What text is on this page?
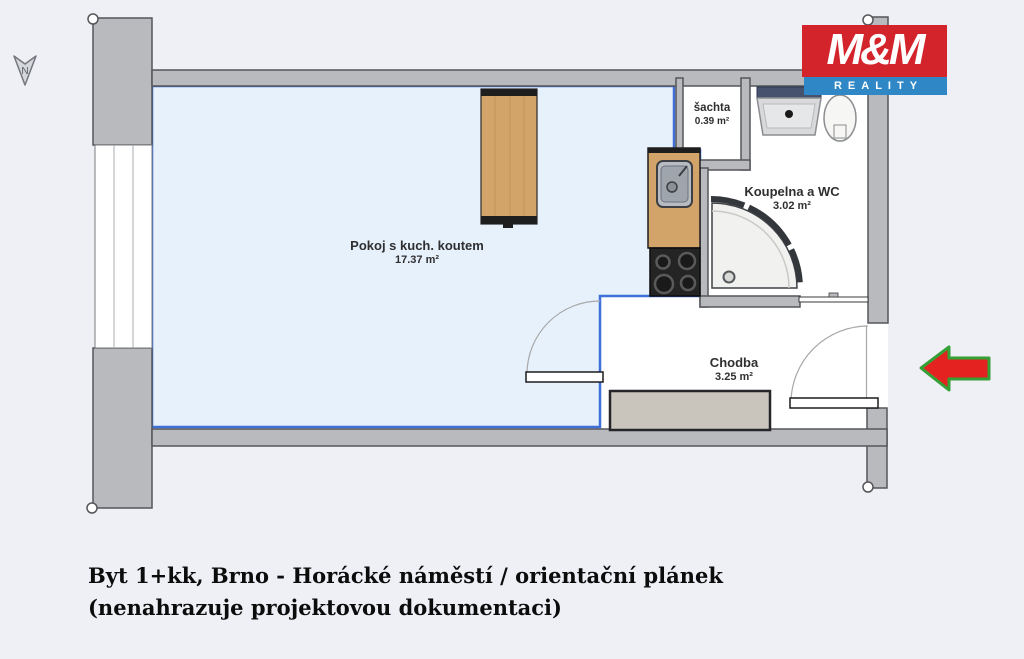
N	M&M
REALITY
Pokoj s kuch. koutem
17.37 m²
šachta
0.39 m²
Koupelna a WC
3.02 m²
Chodba
3.25 m²
Byt 1+kk, Brno - Horácké náměstí / orientační plánek
(nenahrazuje projektovou dokumentaci)
